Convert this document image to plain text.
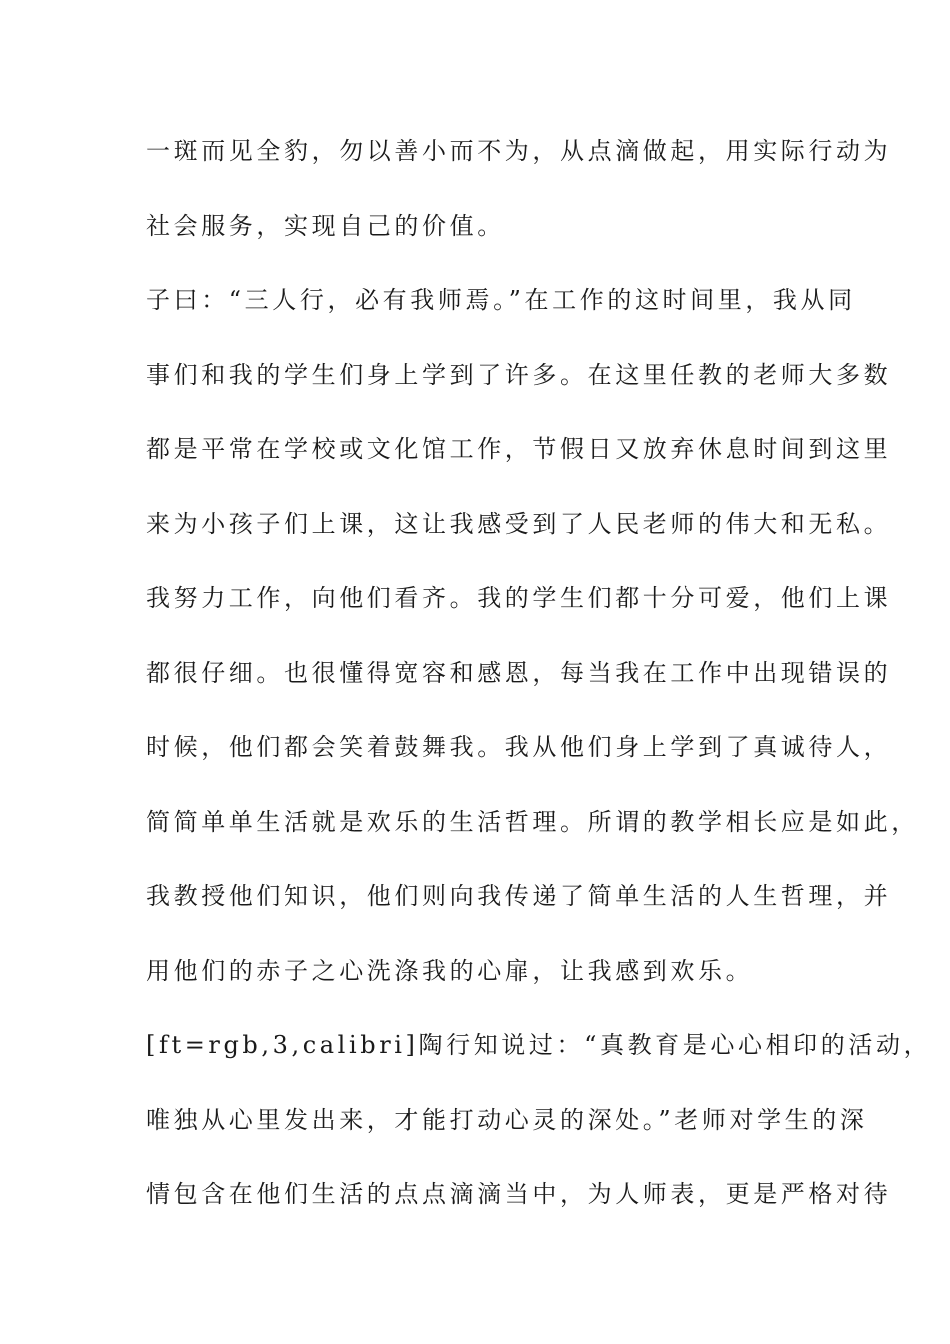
一斑而见全豹，勿以善小而不为，从点滴做起，用实际行动为
社会服务，实现自己的价值。
子曰：“三人行，必有我师焉。”在工作的这时间里，我从同
事们和我的学生们身上学到了许多。在这里任教的老师大多数
都是平常在学校或文化馆工作，节假日又放弃休息时间到这里
来为小孩子们上课，这让我感受到了人民老师的伟大和无私。
我努力工作，向他们看齐。我的学生们都十分可爱，他们上课
都很仔细。也很懂得宽容和感恩，每当我在工作中出现错误的
时候，他们都会笑着鼓舞我。我从他们身上学到了真诚待人，
简简单单生活就是欢乐的生活哲理。所谓的教学相长应是如此，
我教授他们知识，他们则向我传递了简单生活的人生哲理，并
用他们的赤子之心洗涤我的心扉，让我感到欢乐。
[ft=rgb,3,calibri]陶行知说过：“真教育是心心相印的活动，
唯独从心里发出来，才能打动心灵的深处。”老师对学生的深
情包含在他们生活的点点滴滴当中，为人师表，更是严格对待
